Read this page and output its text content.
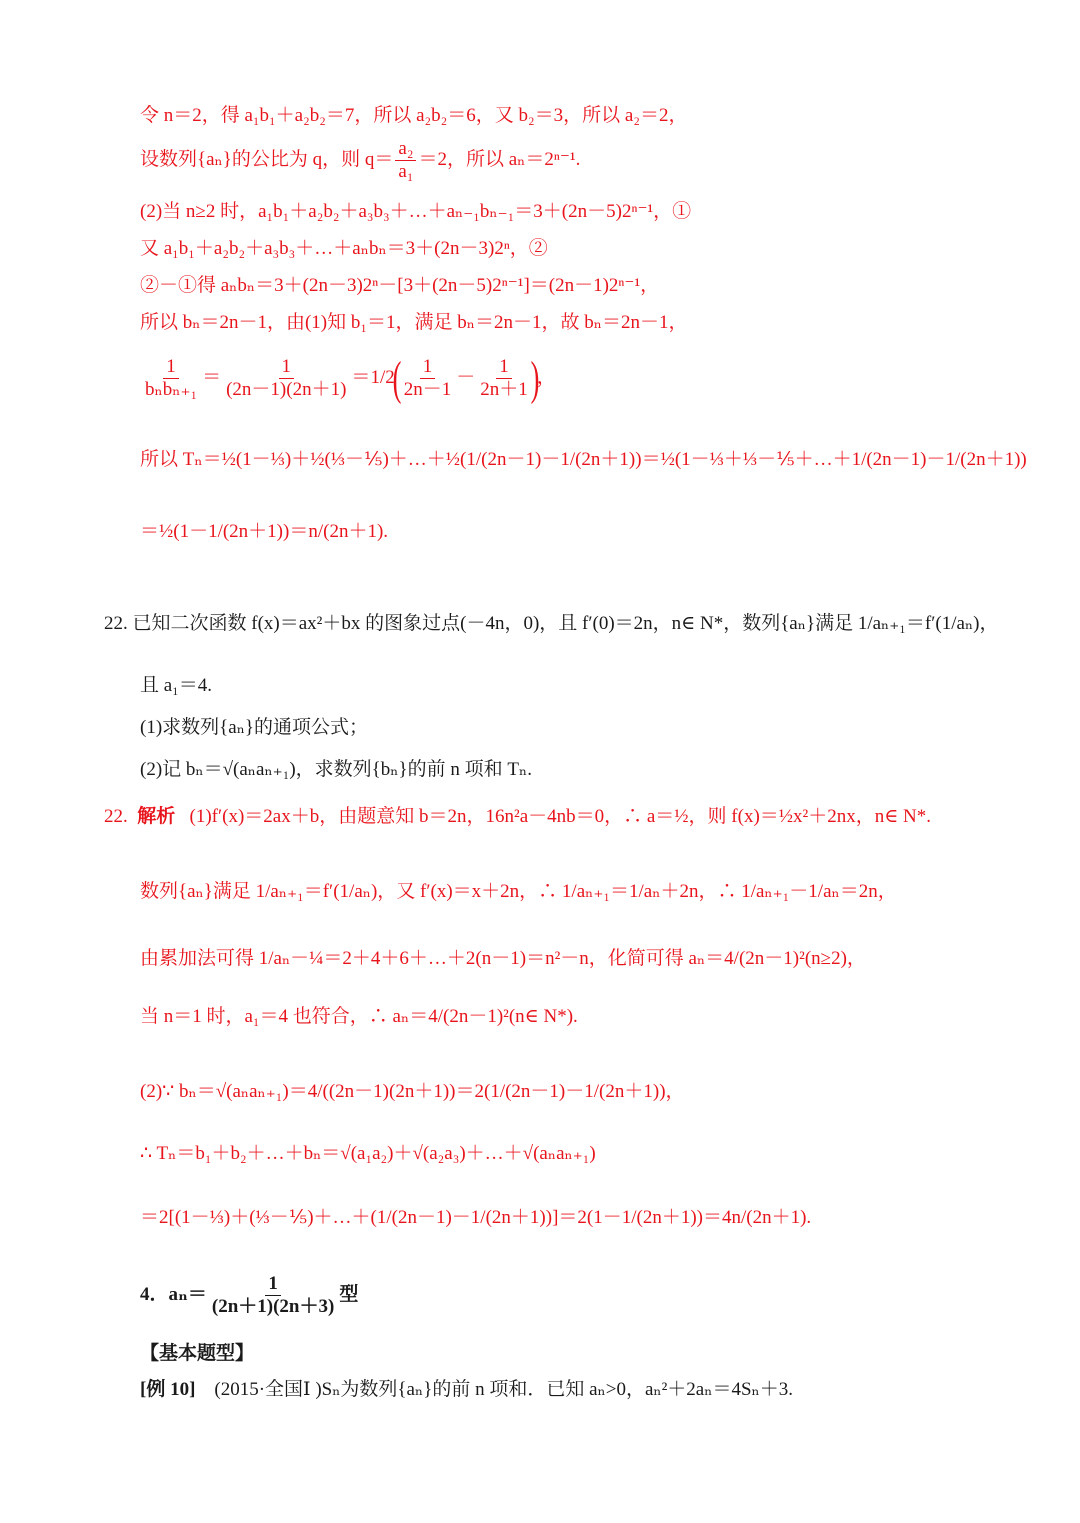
令 n＝2，得 a₁b₁＋a₂b₂＝7，所以 a₂b₂＝6，又 b₂＝3，所以 a₂＝2，
设数列{aₙ}的公比为 q，则 $q= \frac{\text{a₂}}{\text{a₁}} =2$，所以 aₙ＝2ⁿ⁻¹.
(2)当 n≥2 时，a₁b₁＋a₂b₂＋a₃b₃＋…＋aₙ₋₁bₙ₋₁＝3＋(2n－5)2ⁿ⁻¹，①
又 a₁b₁＋a₂b₂＋a₃b₃＋…＋aₙbₙ＝3＋(2n－3)2ⁿ，②
②－①得 aₙbₙ＝3＋(2n－3)2ⁿ－[3＋(2n－5)2ⁿ⁻¹]＝(2n－1)2ⁿ⁻¹，
所以 bₙ＝2n－1，由(1)知 b₁＝1，满足 bₙ＝2n－1，故 bₙ＝2n－1，
1
bₙbₙ₊₁
＝ $\frac{1}{(2n-1)(2n+1)} =1/2( \frac{1}{2n-1} - \frac{1}{2n+1}$ )，
所以 Tₙ＝½(1－⅓)＋½(⅓－⅕)＋…＋½(1/(2n－1)－1/(2n＋1))＝½(1－⅓＋⅓－⅕＋…＋1/(2n－1)－1/(2n＋1))
＝½(1－1/(2n＋1))＝n/(2n＋1).
22. 已知二次函数 f(x)＝ax²＋bx 的图象过点(－4n，0)，且 f′(0)＝2n，n∈ N*，数列{aₙ}满足 1/aₙ₊₁＝f′(1/aₙ)，
且 a₁＝4.
(1)求数列{aₙ}的通项公式；
(2)记 bₙ＝√(aₙaₙ₊₁)，求数列{bₙ}的前 n 项和 Tₙ.
22. 解析 (1)f′(x)＝2ax＋b，由题意知 b＝2n，16n²a－4nb＝0，∴ a＝½，则 f(x)＝½x²＋2nx，n∈ N*.
数列{aₙ}满足 1/aₙ₊₁＝f′(1/aₙ)，又 f′(x)＝x＋2n，∴ 1/aₙ₊₁＝1/aₙ＋2n，∴ 1/aₙ₊₁－1/aₙ＝2n，
由累加法可得 1/aₙ－¼＝2＋4＋6＋…＋2(n－1)＝n²－n，化简可得 aₙ＝4/(2n－1)²(n≥2)，
当 n＝1 时，a₁＝4 也符合，∴ aₙ＝4/(2n－1)²(n∈ N*).
(2)∵ bₙ＝√(aₙaₙ₊₁)＝4/((2n－1)(2n＋1))＝2(1/(2n－1)－1/(2n＋1))，
∴ Tₙ＝b₁＋b₂＋…＋bₙ＝√(a₁a₂)＋√(a₂a₃)＋…＋√(aₙaₙ₊₁)
＝2[(1－⅓)＋(⅓－⅕)＋…＋(1/(2n－1)－1/(2n＋1))]＝2(1－1/(2n＋1))＝4n/(2n＋1).
4．$a_n= \frac{1}{(2n+1)(2n+3)}$ 型
【基本题型】
[例 10] (2015·全国Ⅰ )Sₙ为数列{aₙ}的前 n 项和．已知 aₙ>0，aₙ²＋2aₙ＝4Sₙ＋3.
